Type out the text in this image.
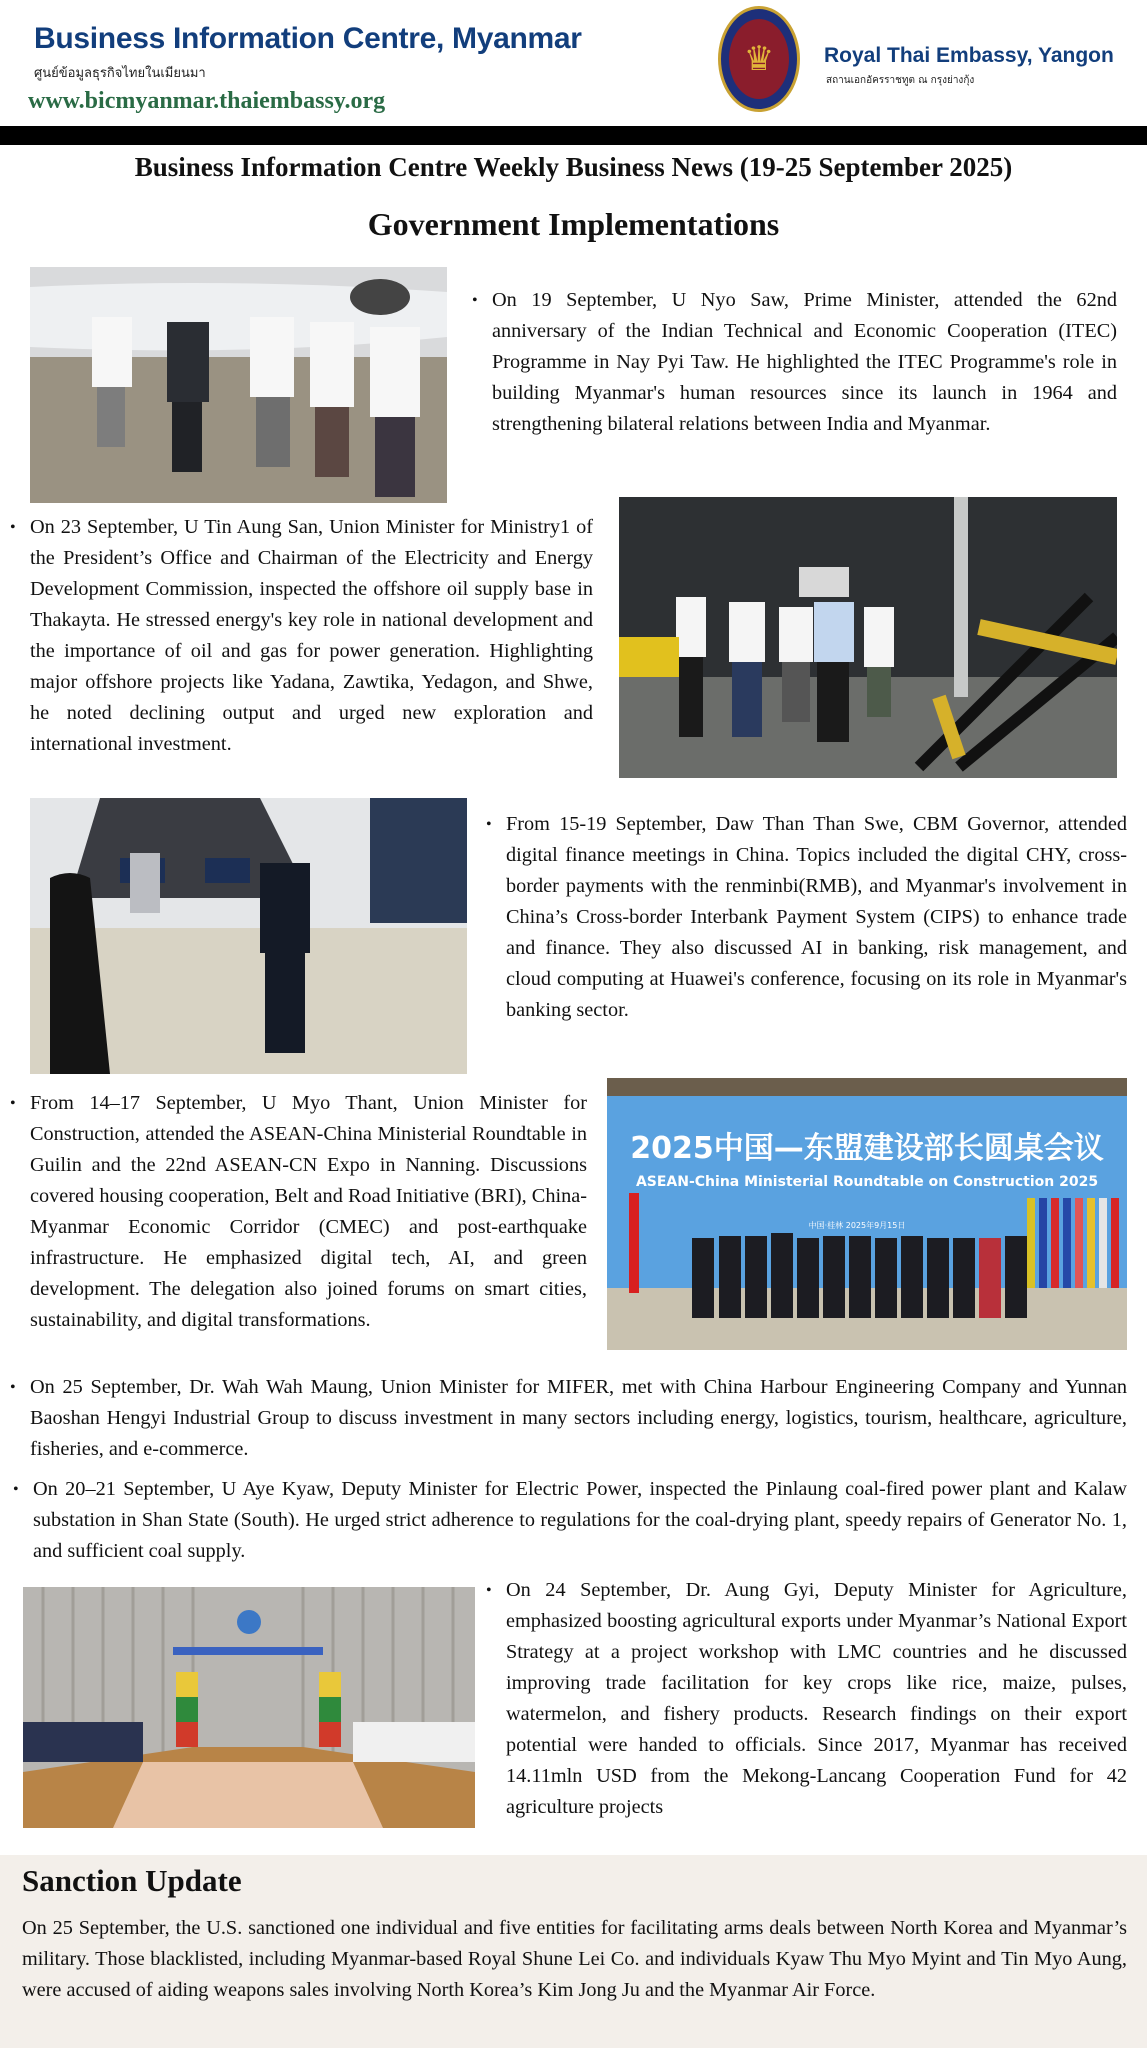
Business Information Centre, Myanmar
ศูนย์ข้อมูลธุรกิจไทยในเมียนมา
www.bicmyanmar.thaiembassy.org
♛	Royal Thai Embassy, Yangon
สถานเอกอัครราชทูต ณ กรุงย่างกุ้ง
Business Information Centre Weekly Business News (19-25 September 2025)
Government Implementations
• On 19 September, U Nyo Saw, Prime Minister, attended the 62nd anniversary of the Indian Technical and Economic Cooperation (ITEC) Programme in Nay Pyi Taw. He highlighted the ITEC Programme's role in building Myanmar's human resources since its launch in 1964 and strengthening bilateral relations between India and Myanmar.
• On 23 September, U Tin Aung San, Union Minister for Ministry1 of the President’s Office and Chairman of the Electricity and Energy Development Commission, inspected the offshore oil supply base in Thakayta. He stressed energy's key role in national development and the importance of oil and gas for power generation. Highlighting major offshore projects like Yadana, Zawtika, Yedagon, and Shwe, he noted declining output and urged new exploration and international investment.
• From 15-19 September, Daw Than Than Swe, CBM Governor, attended digital finance meetings in China. Topics included the digital CHY, cross-border payments with the renminbi(RMB), and Myanmar's involvement in China’s Cross-border Interbank Payment System (CIPS) to enhance trade and finance. They also discussed AI in banking, risk management, and cloud computing at Huawei's conference, focusing on its role in Myanmar's banking sector.
• From 14–17 September, U Myo Thant, Union Minister for Construction, attended the ASEAN-China Ministerial Roundtable in Guilin and the 22nd ASEAN-CN Expo in Nanning. Discussions covered housing cooperation, Belt and Road Initiative (BRI), China-Myanmar Economic Corridor (CMEC) and post-earthquake infrastructure. He emphasized digital tech, AI, and green development. The delegation also joined forums on smart cities, sustainability, and digital transformations.
2025中国—东盟建设部长圆桌会议
ASEAN-China Ministerial Roundtable on Construction 2025
中国·桂林 2025年9月15日
• On 25 September, Dr. Wah Wah Maung, Union Minister for MIFER, met with China Harbour Engineering Company and Yunnan Baoshan Hengyi Industrial Group to discuss investment in many sectors including energy, logistics, tourism, healthcare, agriculture, fisheries, and e-commerce.
• On 20–21 September, U Aye Kyaw, Deputy Minister for Electric Power, inspected the Pinlaung coal-fired power plant and Kalaw substation in Shan State (South). He urged strict adherence to regulations for the coal-drying plant, speedy repairs of Generator No. 1, and sufficient coal supply.
• On 24 September, Dr. Aung Gyi, Deputy Minister for Agriculture, emphasized boosting agricultural exports under Myanmar’s National Export Strategy at a project workshop with LMC countries and he discussed improving trade facilitation for key crops like rice, maize, pulses, watermelon, and fishery products. Research findings on their export potential were handed to officials. Since 2017, Myanmar has received 14.11mln USD from the Mekong-Lancang Cooperation Fund for 42 agriculture projects
Sanction Update
On 25 September, the U.S. sanctioned one individual and five entities for facilitating arms deals between North Korea and Myanmar’s military. Those blacklisted, including Myanmar-based Royal Shune Lei Co. and individuals Kyaw Thu Myo Myint and Tin Myo Aung, were accused of aiding weapons sales involving North Korea’s Kim Jong Ju and the Myanmar Air Force.
